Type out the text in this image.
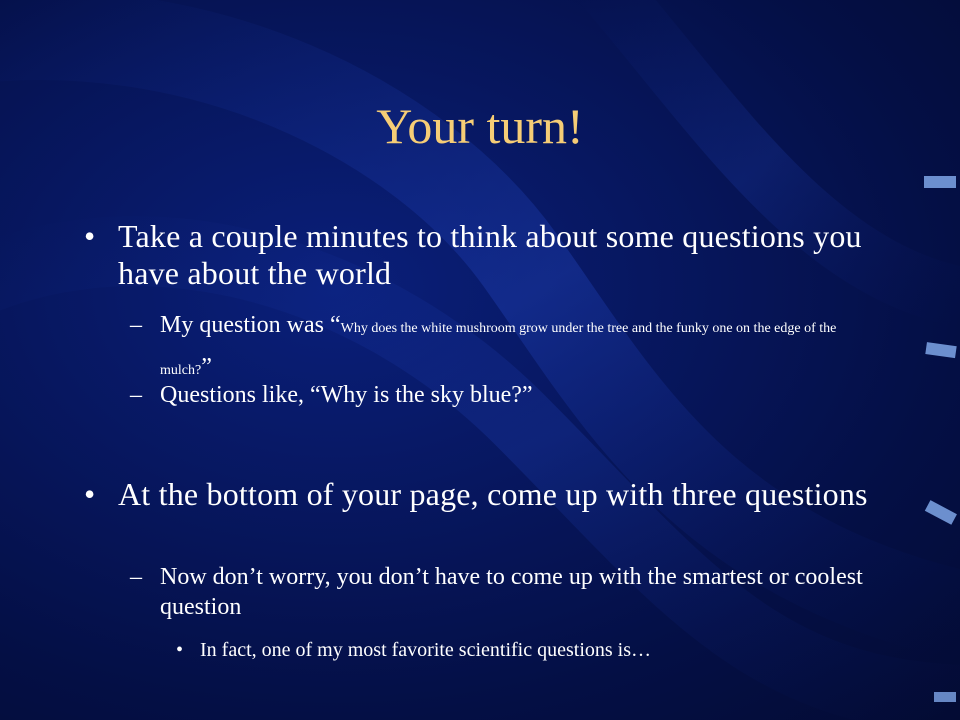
Your turn!
• Take a couple minutes to think about some questions you have about the world
– My question was “Why does the white mushroom grow under the tree and the funky one on the edge of the mulch?”
– Questions like, “Why is the sky blue?”
• At the bottom of your page, come up with three questions
– Now don’t worry, you don’t have to come up with the smartest or coolest question
• In fact, one of my most favorite scientific questions is…
